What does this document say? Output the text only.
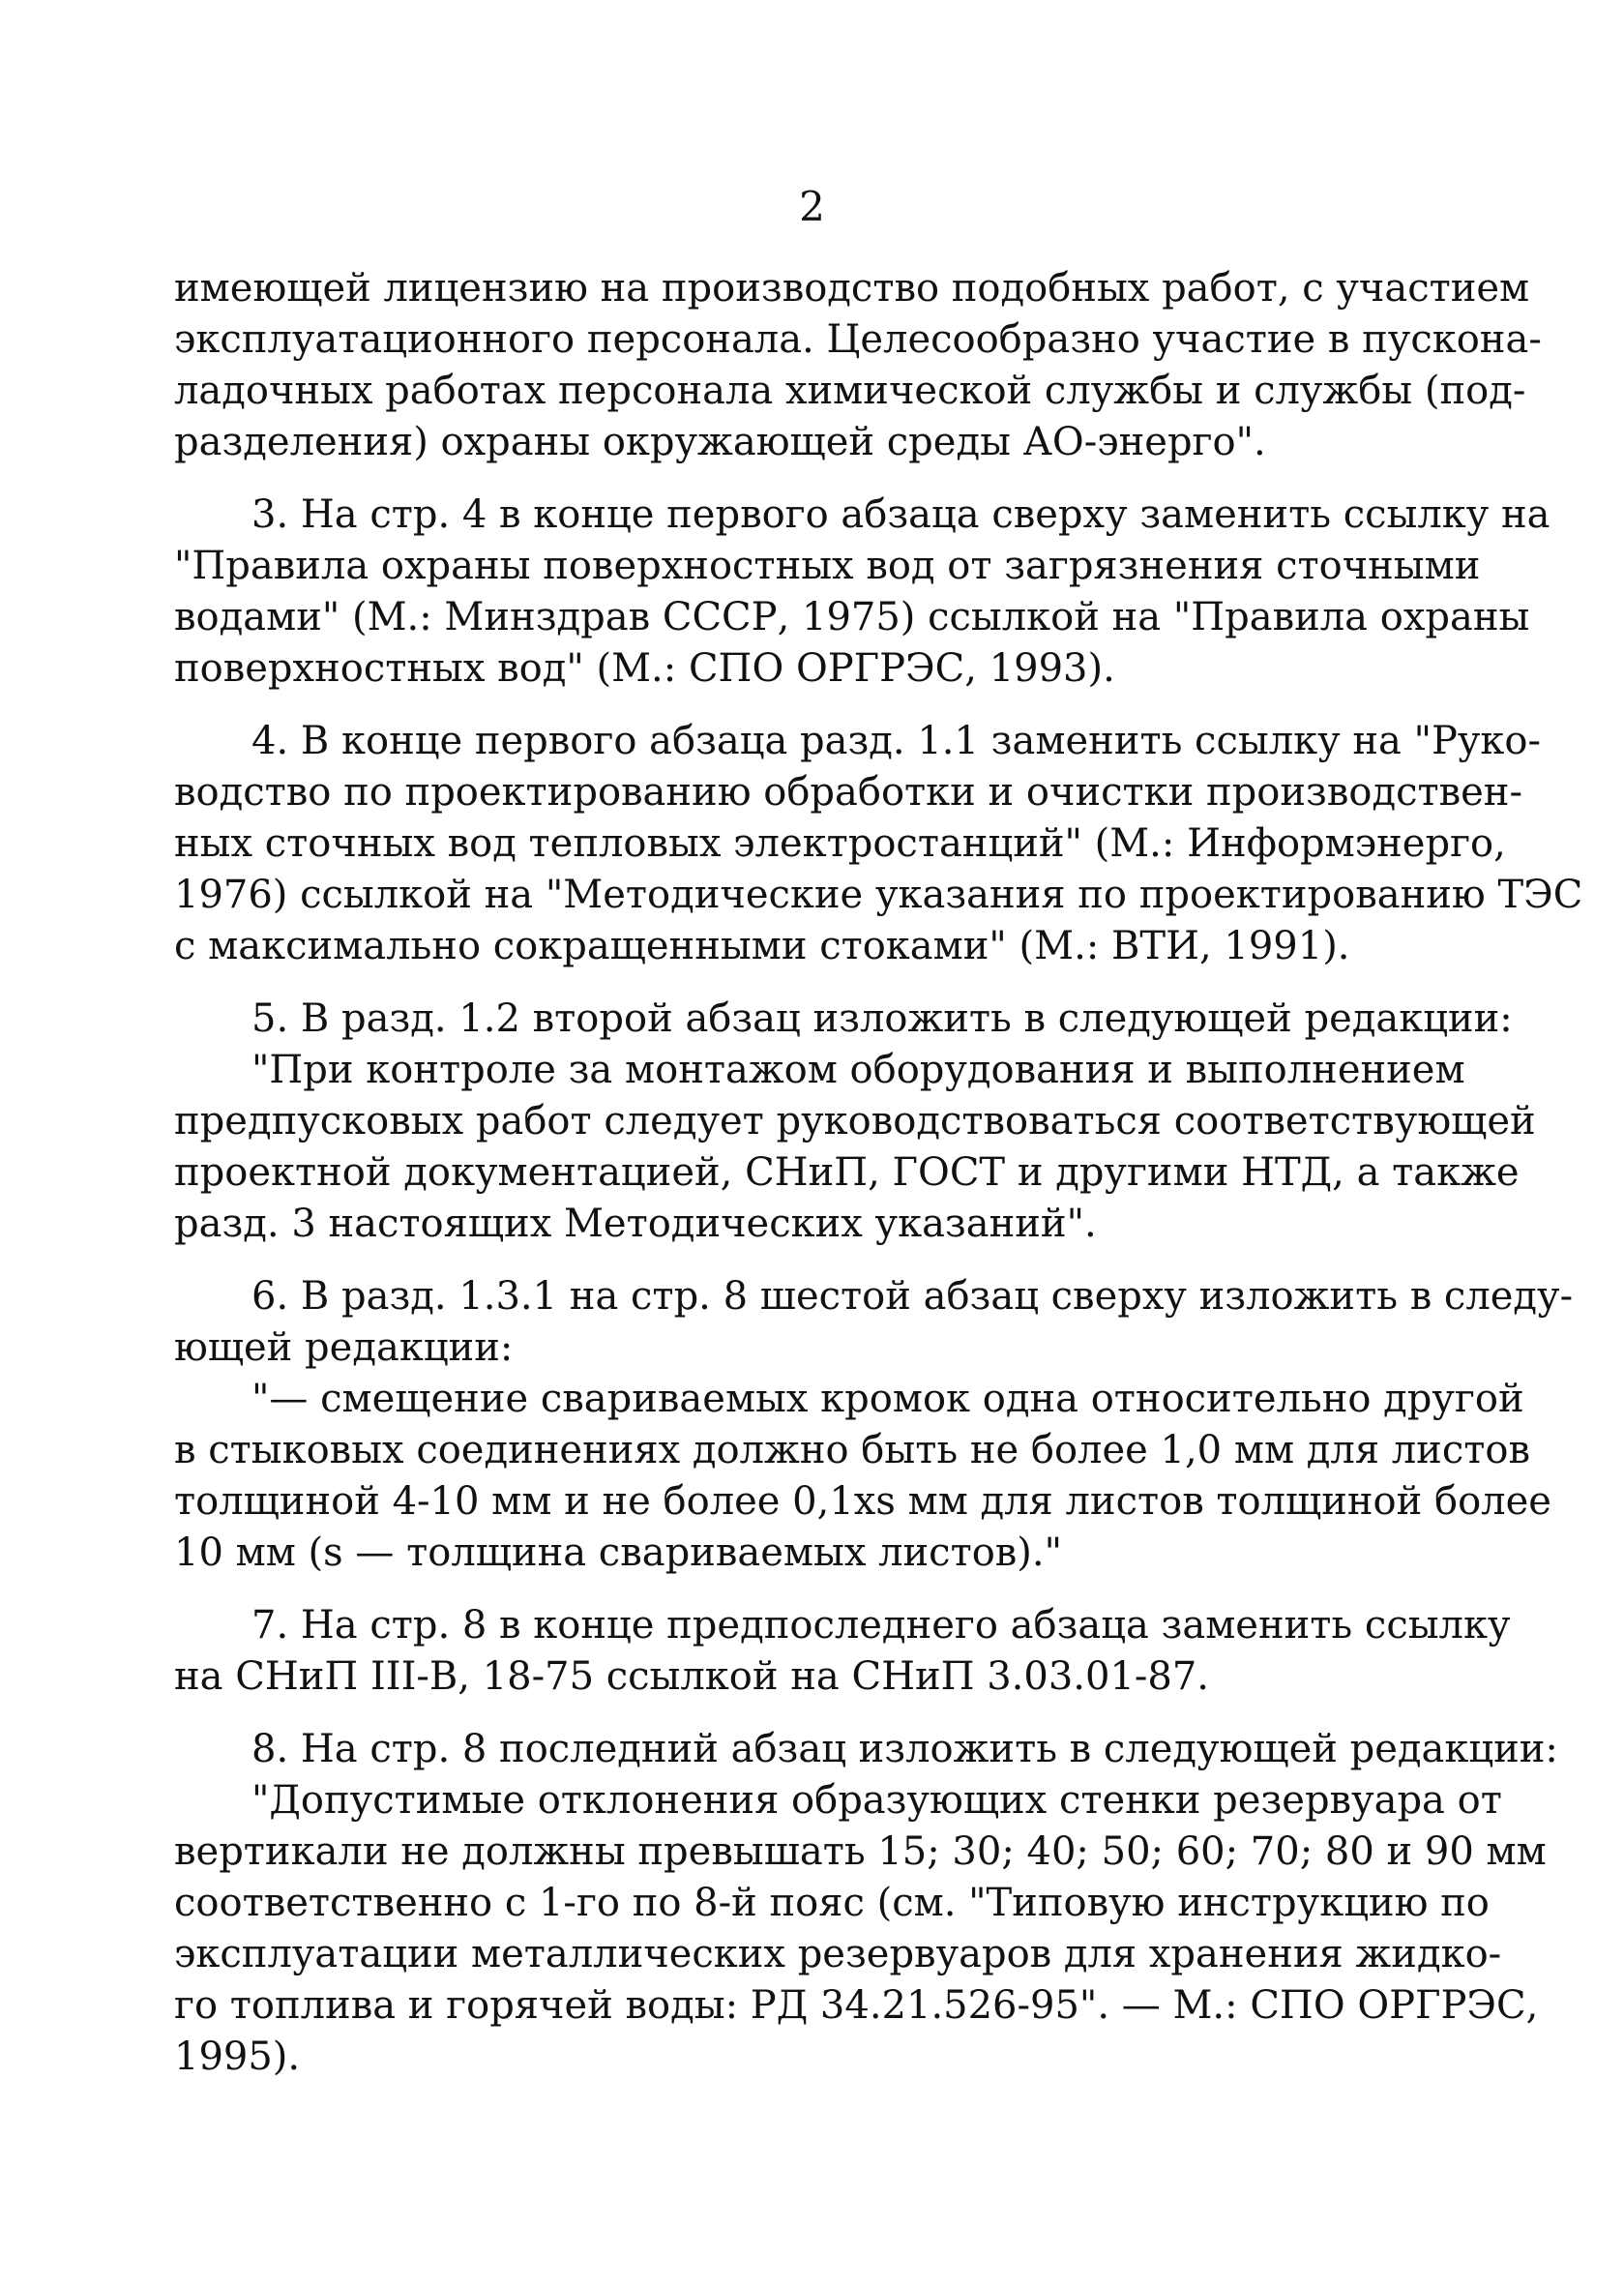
2
имеющей лицензию на производство подобных работ, с участием
эксплуатационного персонала. Целесообразно участие в пускона-
ладочных работах персонала химической службы и службы (под-
разделения) охраны окружающей среды АО-энерго".
3. На стр. 4 в конце первого абзаца сверху заменить ссылку на
"Правила охраны поверхностных вод от загрязнения сточными
водами" (М.: Минздрав СССР, 1975) ссылкой на "Правила охраны
поверхностных вод" (М.: СПО ОРГРЭС, 1993).
4. В конце первого абзаца разд. 1.1 заменить ссылку на "Руко-
водство по проектированию обработки и очистки производствен-
ных сточных вод тепловых электростанций" (М.: Информэнерго,
1976) ссылкой на "Методические указания по проектированию ТЭС
с максимально сокращенными стоками" (М.: ВТИ, 1991).
5. В разд. 1.2 второй абзац изложить в следующей редакции:
"При контроле за монтажом оборудования и выполнением
предпусковых работ следует руководствоваться соответствующей
проектной документацией, СНиП, ГОСТ и другими НТД, а также
разд. 3 настоящих Методических указаний".
6. В разд. 1.3.1 на стр. 8 шестой абзац сверху изложить в следу-
ющей редакции:
"— смещение свариваемых кромок одна относительно другой
в стыковых соединениях должно быть не более 1,0 мм для листов
толщиной 4-10 мм и не более 0,1xs мм для листов толщиной более
10 мм (s — толщина свариваемых листов)."
7. На стр. 8 в конце предпоследнего абзаца заменить ссылку
на СНиП III-В, 18-75 ссылкой на СНиП 3.03.01-87.
8. На стр. 8 последний абзац изложить в следующей редакции:
"Допустимые отклонения образующих стенки резервуара от
вертикали не должны превышать 15; 30; 40; 50; 60; 70; 80 и 90 мм
соответственно с 1-го по 8-й пояс (см. "Типовую инструкцию по
эксплуатации металлических резервуаров для хранения жидко-
го топлива и горячей воды: РД 34.21.526-95". — М.: СПО ОРГРЭС,
1995).
